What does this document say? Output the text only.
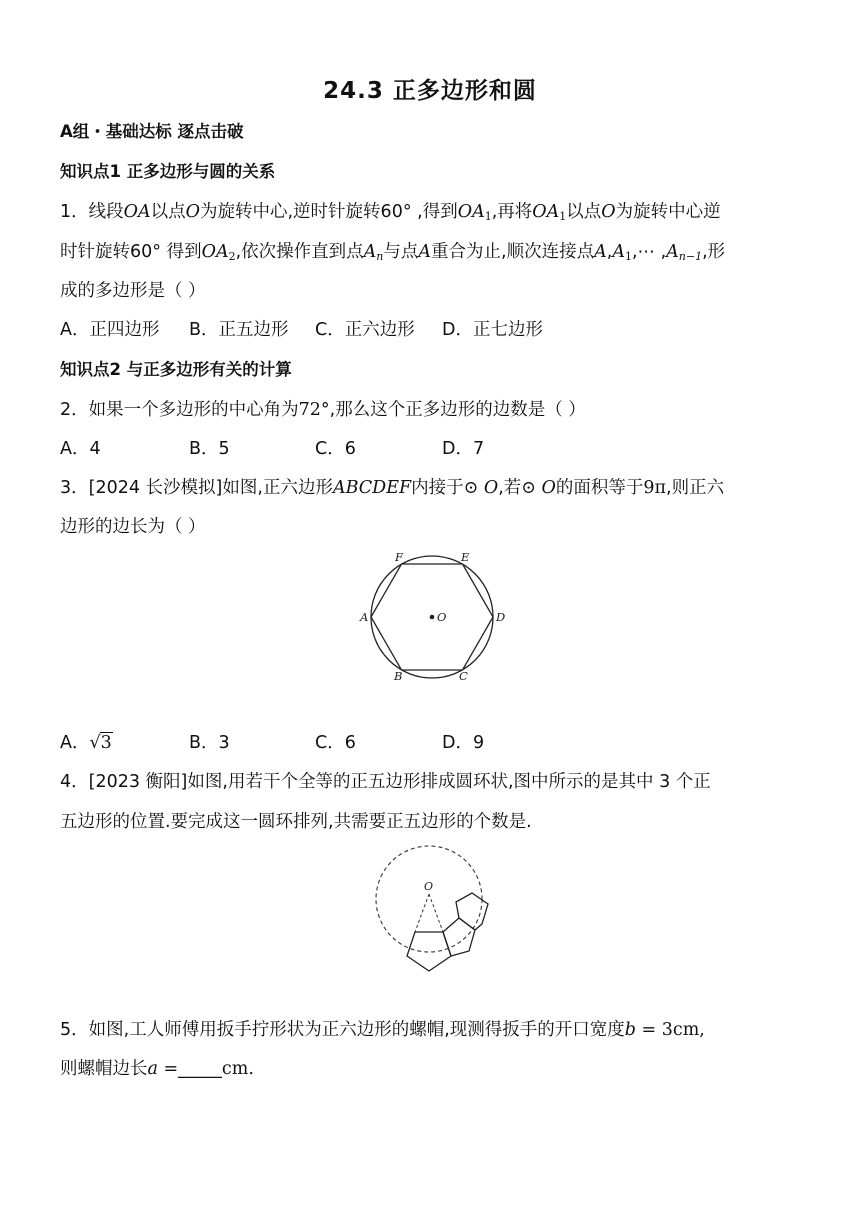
24.3 正多边形和圆
A组・基础达标 逐点击破
知识点1 正多边形与圆的关系
1．线段OA以点O为旋转中心,逆时针旋转60° ,得到$OA_1$,再将$OA_1$以点O为旋转中心逆
时针旋转60° 得到$OA_2$,依次操作直到点$A_n$与点A重合为止,顺次连接点$A,A_1,\cdots$ $,A_{n-1}$,形
成的多边形是（ ）
A．正四边形 B．正五边形 C．正六边形 D．正七边形
知识点2 与正多边形有关的计算
2．如果一个多边形的中心角为72°,那么这个正多边形的边数是（ ）
A．4	B．5	C．6	D．7
3．[2024 长沙模拟]如图,正六边形ABCDEF内接于⊙ O,若⊙ O的面积等于9π,则正六
边形的边长为（ ）
F	E
A	O	D
B	C
A．√3	B．3	C．6	D．9
4．[2023 衡阳]如图,用若干个全等的正五边形排成圆环状,图中所示的是其中 3 个正
五边形的位置.要完成这一圆环排列,共需要正五边形的个数是.
O
5．如图,工人师傅用扳手拧形状为正六边形的螺帽,现测得扳手的开口宽度b = 3cm,
则螺帽边长a =_____cm.
